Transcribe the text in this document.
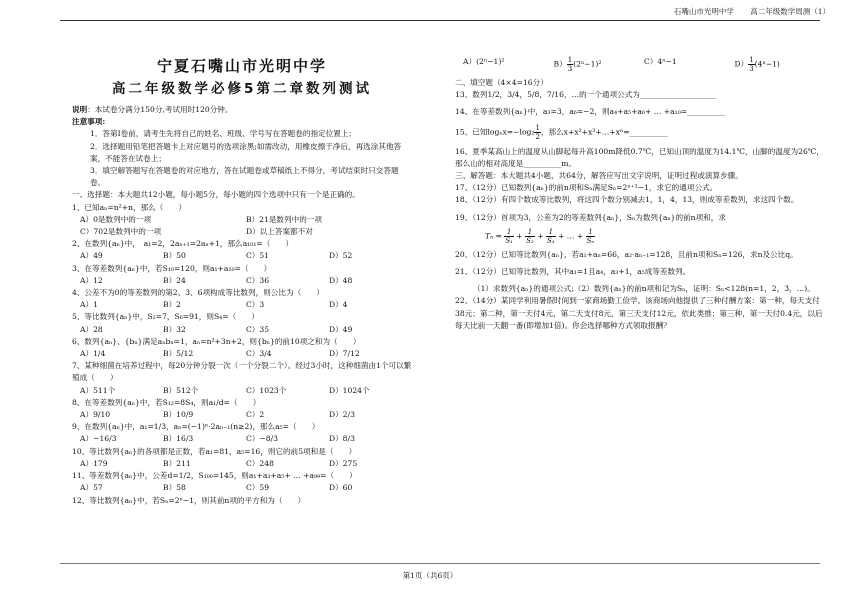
石嘴山市光明中学 高二年级数学周测（1）
宁夏石嘴山市光明中学
高二年级数学必修5第二章数列测试
说明：本试卷分满分150分,考试用时120分钟。
注意事项:
1．答第Ⅰ卷前，请考生先将自己的姓名、班级、学号写在答题卷的指定位置上；
2．选择题用铅笔把答题卡上对应题号的选项涂黑;如需改动，用橡皮擦干净后，再选涂其他答案，不能答在试卷上；
3．填空解答题写在答题卷的对应地方，答在试题卷或草稿纸上不得分，考试结束时只交答题卷。
一、选择题：本大题共12小题，每小题5分，每小题的四个选项中只有一个是正确的。
1、已知aₙ=n²+n，那么（　　）
A）0是数列中的一项	B）21是数列中的一项
C）702是数列中的一项	D）以上答案都不对
2、在数列{aₙ}中，　a₁=2，2aₙ₊₁=2aₙ+1，那么a₁₀₁=（　　）
A）49	B）50	C）51	D）52
3、在等差数列{aₙ}中，若S₁₀=120，则a₁+a₁₀=（　　）
A）12	B）24	C）36	D）48
4、公差不为0的等差数列的第2、3、6项构成等比数列，则公比为（　　）
A）1	B）2	C）3	D）4
5、等比数列{aₙ}中，S₂=7，S₆=91，则S₄=（　　）
A）28	B）32	C）35	D）49
6、数列{aₙ}、{bₙ}满足aₙbₙ=1，aₙ=n²+3n+2，则{bₙ}的前10项之和为（　　）
A）1/4	B）5/12	C）3/4	D）7/12
7、某种细菌在培养过程中，每20分钟分裂一次（一个分裂二个）。经过3小时，这种细菌由1个可以繁殖成（　　）
A）511个	B）512个	C）1023个	D）1024个
8、在等差数列{aₙ}中，若S₁₂=8S₄，则a₁/d=（　　）
A）9/10	B）10/9	C）2	D）2/3
9、在数列{aₙ}中，a₁=1/3，aₙ=(−1)ⁿ·2aₙ₋₁(n≥2)，那么a₅=（　　）
A）−16/3	B）16/3	C）−8/3	D）8/3
10、等比数列{aₙ}的各项都是正数，若a₁=81，a₅=16，则它的前5项和是（　　）
A）179	B）211	C）248	D）275
11、等差数列{aₙ}中，公差d=1/2，S₁₀₀=145，则a₁+a₃+a₅+ … +a₉₉=（　　）
A）57	B）58	C）59	D）60
12、等比数列{aₙ}中，若Sₙ=2ⁿ−1，则其前n项的平方和为（　　）
A）(2ⁿ−1)²	$B) \frac{1}{3} (2^n-1)^2$	C）4ⁿ−1	$D) \frac{1}{3} (4^n-1)$
二、填空题（4×4=16分）
13、数列1/2，3/4，5/8，7/16，…的一个通项公式为____________________
14、在等差数列{aₙ}中，a₃=3，a₆=−2，则a₄+a₅+a₆+ … +a₁₀=__________
15、已知$\log_xx=-\log_2 \frac{1}{2}$ ，那么x+x²+x³+…+xⁿ=__________
16、夏季某高山上的温度从山脚起每升高100m降低0.7℃，已知山顶的温度为14.1℃，山脚的温度为26℃，那么山的相对高度是__________m。
三、解答题：本大题共4小题，共64分，解答应写出文字说明，证明过程或演算步骤。
17、（12分）已知数列{aₙ}的前n项和Sₙ满足Sₙ=2ⁿ⁺¹−1，求它的通项公式。
18、（12分）有四个数成等比数列，将这四个数分别减去1，1，4，13，则成等差数列，求这四个数。
19、（12分）首项为3，公差为2的等差数列{aₙ}，Sₙ为数列{aₙ}的前n项和，求
$T_n = \frac{1}{\text{S₁}} + \frac{1}{\text{S₂}} + \frac{1}{\text{S₃}}$ + … + $\frac{1}{\text{Sₙ}}$
20、（12分）已知等比数列{aₙ}，若a₁+aₙ=66，a₂·aₙ₋₁=128，且前n项和Sₙ=126，求n及公比q。
21、（12分）已知等比数列，其中a₁=1且a₄，a₃+1，a₅成等差数列。
（1）求数列{aₙ}的通项公式;（2）数列{aₙ}的前n项和记为Sₙ，证明：Sₙ<128(n=1，2，3，…)。
22、（14分）某同学利用暑假时间到一家商场勤工俭学。该商场向他提供了三种付酬方案：第一种，每天支付38元；第二种，第一天付4元，第二天支付8元，第三天支付12元，依此类推；第三种，第一天付0.4元，以后每天比前一天翻一番(即增加1倍)。你会选择哪种方式领取报酬？
第1页（共6页）
